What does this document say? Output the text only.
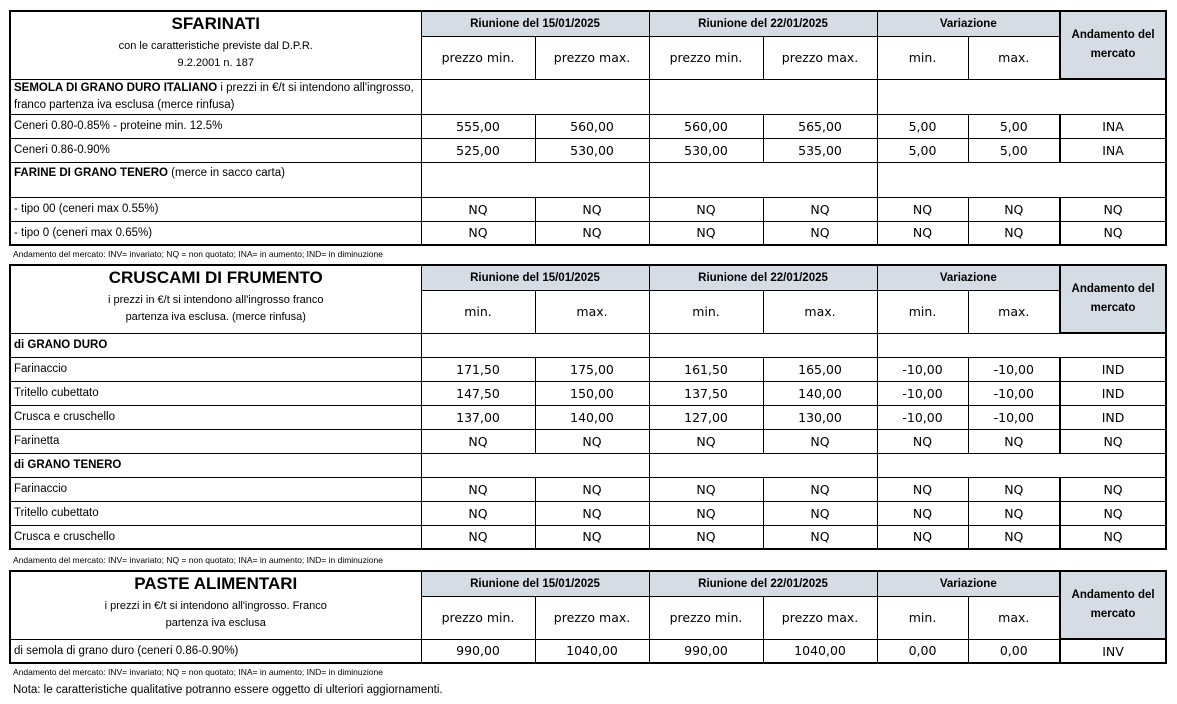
SFARINATI
con le caratteristiche previste dal D.P.R.
9.2.2001 n. 187	Riunione del 15/01/2025		Riunione del 22/01/2025		Variazione		Andamento del mercato
	prezzo min.	prezzo max.	prezzo min.	prezzo max.	min.	max.	
SEMOLA DI GRANO DURO ITALIANO i prezzi in €/t si intendono all'ingrosso, franco partenza iva esclusa (merce rinfusa)							
Ceneri 0.80-0.85% - proteine min. 12.5%	555,00	560,00	560,00	565,00	5,00	5,00	INA
Ceneri 0.86-0.90%	525,00	530,00	530,00	535,00	5,00	5,00	INA
FARINE DI GRANO TENERO (merce in sacco carta)							
- tipo 00 (ceneri max 0.55%)	NQ	NQ	NQ	NQ	NQ	NQ	NQ
- tipo 0 (ceneri max 0.65%)	NQ	NQ	NQ	NQ	NQ	NQ	NQ
Andamento del mercato: INV= invariato; NQ = non quotato; INA= in aumento; IND= in diminuzione
CRUSCAMI DI FRUMENTO
i prezzi in €/t si intendono all'ingrosso franco
partenza iva esclusa. (merce rinfusa)	Riunione del 15/01/2025		Riunione del 22/01/2025		Variazione		Andamento del mercato
	min.	max.	min.	max.	min.	max.	
di GRANO DURO							
Farinaccio	171,50	175,00	161,50	165,00	-10,00	-10,00	IND
Tritello cubettato	147,50	150,00	137,50	140,00	-10,00	-10,00	IND
Crusca e cruschello	137,00	140,00	127,00	130,00	-10,00	-10,00	IND
Farinetta	NQ	NQ	NQ	NQ	NQ	NQ	NQ
di GRANO TENERO							
Farinaccio	NQ	NQ	NQ	NQ	NQ	NQ	NQ
Tritello cubettato	NQ	NQ	NQ	NQ	NQ	NQ	NQ
Crusca e cruschello	NQ	NQ	NQ	NQ	NQ	NQ	NQ
Andamento del mercato: INV= invariato; NQ = non quotato; INA= in aumento; IND= in diminuzione
PASTE ALIMENTARI
i prezzi in €/t si intendono all'ingrosso. Franco
partenza iva esclusa	Riunione del 15/01/2025		Riunione del 22/01/2025		Variazione		Andamento del mercato
	prezzo min.	prezzo max.	prezzo min.	prezzo max.	min.	max.	
di semola di grano duro (ceneri 0.86-0.90%)	990,00	1040,00	990,00	1040,00	0,00	0,00	INV
Andamento del mercato: INV= invariato; NQ = non quotato; INA= in aumento; IND= in diminuzione
Nota: le caratteristiche qualitative potranno essere oggetto di ulteriori aggiornamenti.
